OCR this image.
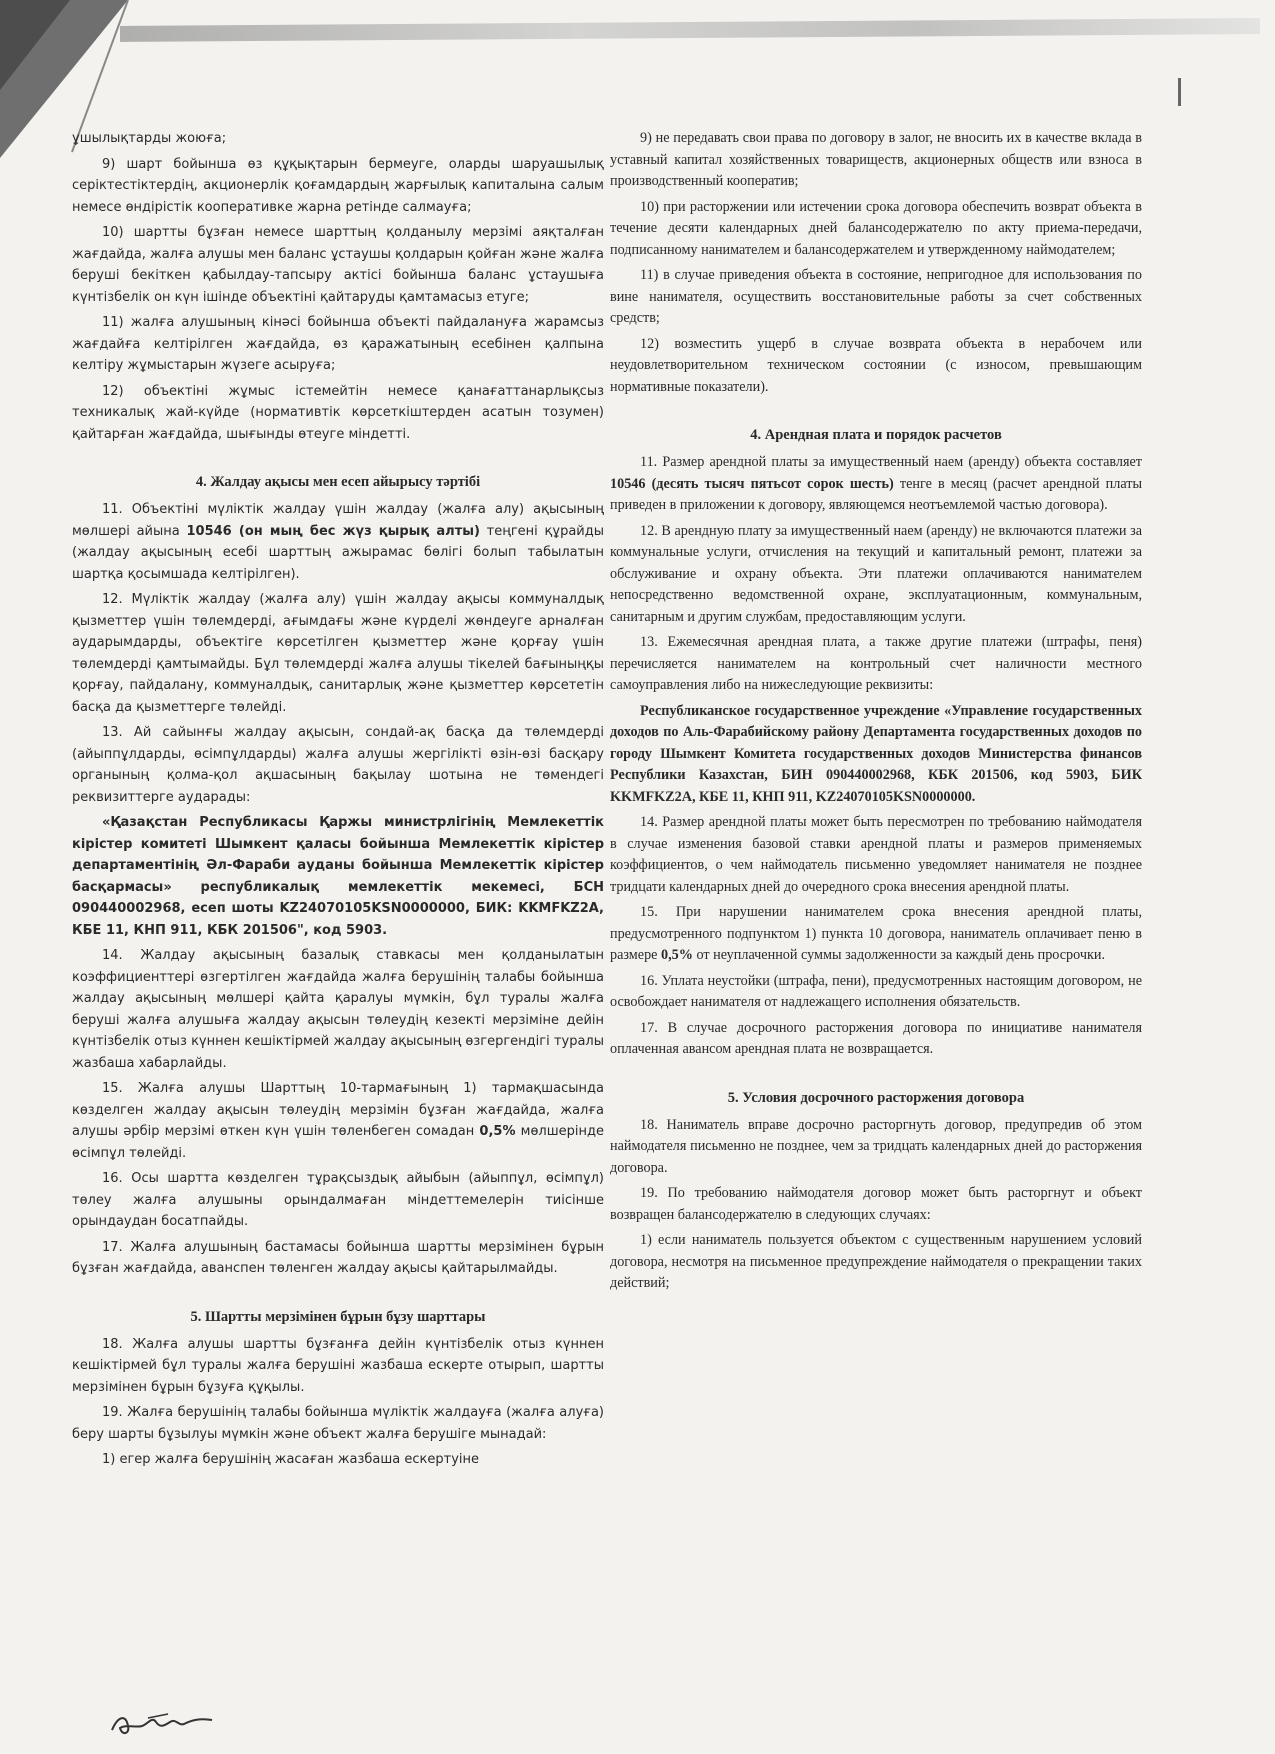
ұшылықтарды жоюға;

9) шарт бойынша өз құқықтарын бермеуге, оларды шаруашылық серіктестіктердің, акционерлік қоғамдардың жарғылық капиталына салым немесе өндірістік кооперативке жарна ретінде салмауға;

10) шартты бұзған немесе шарттың қолданылу мерзімі аяқталған жағдайда, жалға алушы мен баланс ұстаушы қолдарын қойған және жалға беруші бекіткен қабылдау-тапсыру актісі бойынша баланс ұстаушыға күнтізбелік он күн ішінде объектіні қайтаруды қамтамасыз етуге;

11) жалға алушының кінәсі бойынша объекті пайдалануға жарамсыз жағдайға келтірілген жағдайда, өз қаражатының есебінен қалпына келтіру жұмыстарын жүзеге асыруға;

12) объектіні жұмыс істемейтін немесе қанағаттанарлықсыз техникалық жай-күйде (нормативтік көрсеткіштерден асатын тозумен) қайтарған жағдайда, шығынды өтеуге міндетті.

4. Жалдау ақысы мен есеп айырысу тәртібі

11. Объектіні мүліктік жалдау үшін жалдау (жалға алу) ақысының мөлшері айына 10546 (он мың бес жүз қырық алты) теңгені құрайды (жалдау ақысының есебі шарттың ажырамас бөлігі болып табылатын шартқа қосымшада келтірілген).

12. Мүліктік жалдау (жалға алу) үшін жалдау ақысы коммуналдық қызметтер үшін төлемдерді, ағымдағы және күрделі жөндеуге арналған аударымдарды, объектіге көрсетілген қызметтер және қорғау үшін төлемдерді қамтымайды. Бұл төлемдерді жалға алушы тікелей бағыныңқы қорғау, пайдалану, коммуналдық, санитарлық және қызметтер көрсететін басқа да қызметтерге төлейді.

13. Ай сайынғы жалдау ақысын, сондай-ақ басқа да төлемдерді (айыппұлдарды, өсімпұлдарды) жалға алушы жергілікті өзін-өзі басқару органының қолма-қол ақшасының бақылау шотына не төмендегі реквизиттерге аударады:

«Қазақстан Республикасы Қаржы министрлігінің Мемлекеттік кірістер комитеті Шымкент қаласы бойынша Мемлекеттік кірістер департаментінің Әл-Фараби ауданы бойынша Мемлекеттік кірістер басқармасы» республикалық мемлекеттік мекемесі, БСН 090440002968, есеп шоты KZ24070105KSN0000000, БИК: KKMFKZ2A, КБЕ 11, КНП 911, КБК 201506", код 5903.

14. Жалдау ақысының базалық ставкасы мен қолданылатын коэффициенттері өзгертілген жағдайда жалға берушінің талабы бойынша жалдау ақысының мөлшері қайта қаралуы мүмкін, бұл туралы жалға беруші жалға алушыға жалдау ақысын төлеудің кезекті мерзіміне дейін күнтізбелік отыз күннен кешіктірмей жалдау ақысының өзгергендігі туралы жазбаша хабарлайды.

15. Жалға алушы Шарттың 10-тармағының 1) тармақшасында көзделген жалдау ақысын төлеудің мерзімін бұзған жағдайда, жалға алушы әрбір мерзімі өткен күн үшін төленбеген сомадан 0,5% мөлшерінде өсімпұл төлейді.

16. Осы шартта көзделген тұрақсыздық айыбын (айыппұл, өсімпұл) төлеу жалға алушыны орындалмаған міндеттемелерін тиісінше орындаудан босатпайды.

17. Жалға алушының бастамасы бойынша шартты мерзімінен бұрын бұзған жағдайда, аванспен төленген жалдау ақысы қайтарылмайды.

5. Шартты мерзімінен бұрын бұзу шарттары

18. Жалға алушы шартты бұзғанға дейін күнтізбелік отыз күннен кешіктірмей бұл туралы жалға берушіні жазбаша ескерте отырып, шартты мерзімінен бұрын бұзуға құқылы.

19. Жалға берушінің талабы бойынша мүліктік жалдауға (жалға алуға) беру шарты бұзылуы мүмкін және объект жалға берушіге мынадай:

1) егер жалға берушінің жасаған жазбаша ескертуіне

9) не передавать свои права по договору в залог, не вносить их в качестве вклада в уставный капитал хозяйственных товариществ, акционерных обществ или взноса в производственный кооператив;

10) при расторжении или истечении срока договора обеспечить возврат объекта в течение десяти календарных дней балансодержателю по акту приема-передачи, подписанному нанимателем и балансодержателем и утвержденному наймодателем;

11) в случае приведения объекта в состояние, непригодное для использования по вине нанимателя, осуществить восстановительные работы за счет собственных средств;

12) возместить ущерб в случае возврата объекта в нерабочем или неудовлетворительном техническом состоянии (с износом, превышающим нормативные показатели).

4. Арендная плата и порядок расчетов

11. Размер арендной платы за имущественный наем (аренду) объекта составляет 10546 (десять тысяч пятьсот сорок шесть) тенге в месяц (расчет арендной платы приведен в приложении к договору, являющемся неотъемлемой частью договора).

12. В арендную плату за имущественный наем (аренду) не включаются платежи за коммунальные услуги, отчисления на текущий и капитальный ремонт, платежи за обслуживание и охрану объекта. Эти платежи оплачиваются нанимателем непосредственно ведомственной охране, эксплуатационным, коммунальным, санитарным и другим службам, предоставляющим услуги.

13. Ежемесячная арендная плата, а также другие платежи (штрафы, пеня) перечисляется нанимателем на контрольный счет наличности местного самоуправления либо на нижеследующие реквизиты:

Республиканское государственное учреждение «Управление государственных доходов по Аль-Фарабийскому району Департамента государственных доходов по городу Шымкент Комитета государственных доходов Министерства финансов Республики Казахстан, БИН 090440002968, КБК 201506, код 5903, БИК KKMFKZ2A, КБЕ 11, КНП 911, KZ24070105KSN0000000.

14. Размер арендной платы может быть пересмотрен по требованию наймодателя в случае изменения базовой ставки арендной платы и размеров применяемых коэффициентов, о чем наймодатель письменно уведомляет нанимателя не позднее тридцати календарных дней до очередного срока внесения арендной платы.

15. При нарушении нанимателем срока внесения арендной платы, предусмотренного подпунктом 1) пункта 10 договора, наниматель оплачивает пеню в размере 0,5% от неуплаченной суммы задолженности за каждый день просрочки.

16. Уплата неустойки (штрафа, пени), предусмотренных настоящим договором, не освобождает нанимателя от надлежащего исполнения обязательств.

17. В случае досрочного расторжения договора по инициативе нанимателя оплаченная авансом арендная плата не возвращается.

5. Условия досрочного расторжения договора

18. Наниматель вправе досрочно расторгнуть договор, предупредив об этом наймодателя письменно не позднее, чем за тридцать календарных дней до расторжения договора.

19. По требованию наймодателя договор может быть расторгнут и объект возвращен балансодержателю в следующих случаях:

1) если наниматель пользуется объектом с существенным нарушением условий договора, несмотря на письменное предупреждение наймодателя о прекращении таких действий;
